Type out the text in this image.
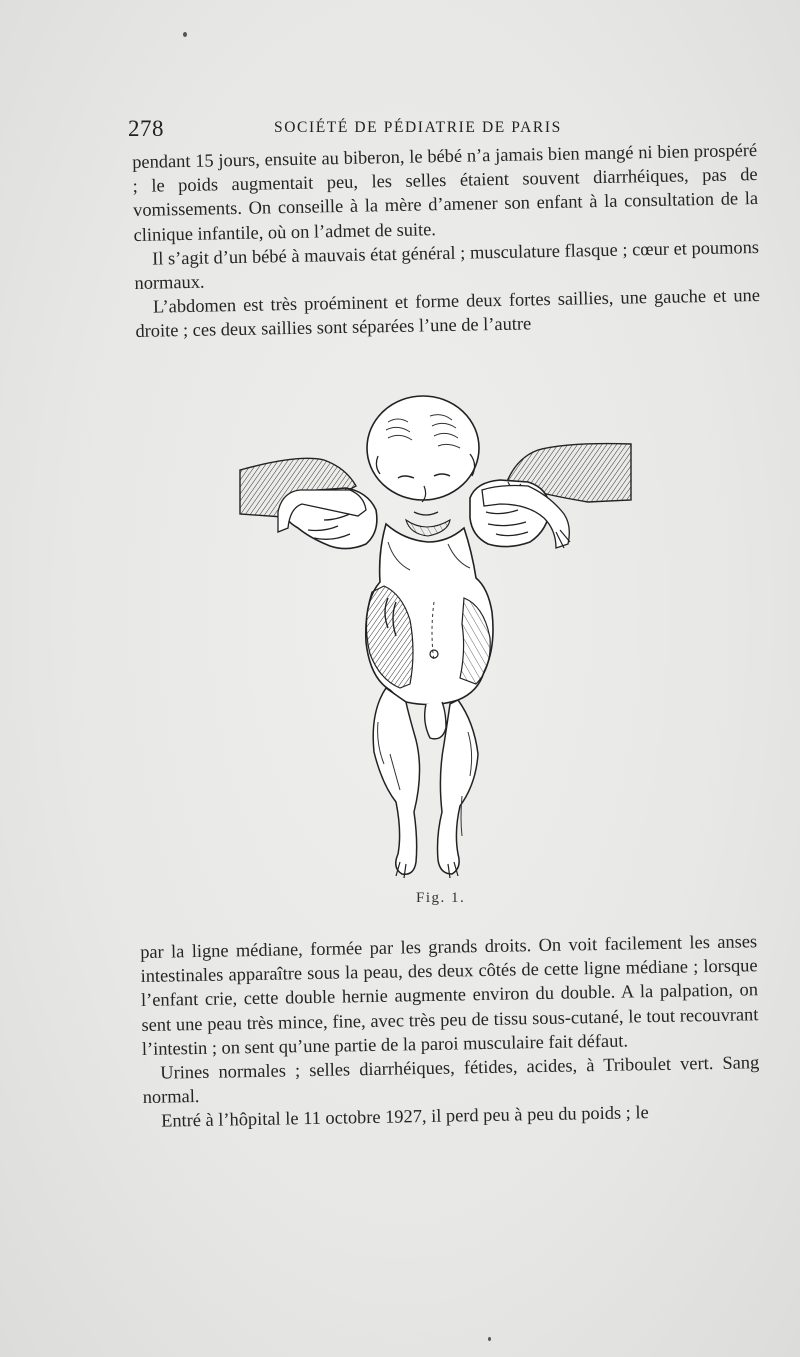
278	SOCIÉTÉ DE PÉDIATRIE DE PARIS

pendant 15 jours, ensuite au biberon, le bébé n’a jamais bien mangé ni bien prospéré ; le poids augmentait peu, les selles étaient souvent diarrhéiques, pas de vomissements. On conseille à la mère d’amener son enfant à la consultation de la clinique infantile, où on l’admet de suite.

Il s’agit d’un bébé à mauvais état général ; musculature flasque ; cœur et poumons normaux.

L’abdomen est très proéminent et forme deux fortes saillies, une gauche et une droite ; ces deux saillies sont séparées l’une de l’autre

Fig. 1.

par la ligne médiane, formée par les grands droits. On voit facilement les anses intestinales apparaître sous la peau, des deux côtés de cette ligne médiane ; lorsque l’enfant crie, cette double hernie augmente environ du double. A la palpation, on sent une peau très mince, fine, avec très peu de tissu sous-cutané, le tout recouvrant l’intestin ; on sent qu’une partie de la paroi musculaire fait défaut.

Urines normales ; selles diarrhéiques, fétides, acides, à Triboulet vert. Sang normal.

Entré à l’hôpital le 11 octobre 1927, il perd peu à peu du poids ; le
